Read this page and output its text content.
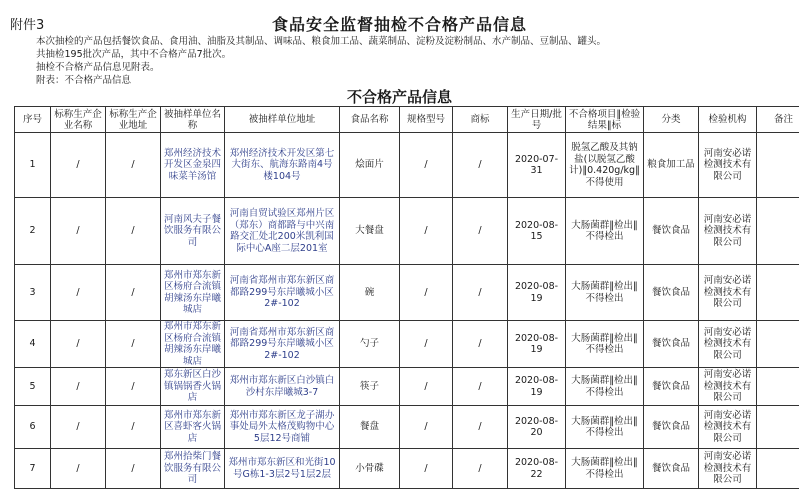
附件3	食品安全监督抽检不合格产品信息
本次抽检的产品包括餐饮食品、食用油、油脂及其制品、调味品、粮食加工品、蔬菜制品、淀粉及淀粉制品、水产制品、豆制品、罐头。
共抽检195批次产品，其中不合格产品7批次。
抽检不合格产品信息见附表。
附表：不合格产品信息
不合格产品信息
序号	标称生产企业名称	标称生产企业地址	被抽样单位名称	被抽样单位地址	食品名称	规格型号	商标	生产日期/批号	不合格项目‖检验结果‖标	分类	检验机构	备注
1	/	/	郑州经济技术开发区金泉四味菜羊汤馆	郑州经济技术开发区第七大街东、航海东路南4号楼104号	烩面片	/	/	2020-07-31	脱氢乙酸及其钠盐(以脱氢乙酸计)‖0.420g/kg‖不得使用	粮食加工品	河南安必诺检测技术有限公司	
2	/	/	河南风夫子餐饮服务有限公司	河南自贸试验区郑州片区（郑东）商都路与中兴南路交汇处北200米凯利国际中心A座二层201室	大餐盘	/	/	2020-08-15	大肠菌群‖检出‖不得检出	餐饮食品	河南安必诺检测技术有限公司	
3	/	/	郑州市郑东新区杨府合流镇胡辣汤东岸曦城店	河南省郑州市郑东新区商都路299号东岸曦城小区2#-102	碗	/	/	2020-08-19	大肠菌群‖检出‖不得检出	餐饮食品	河南安必诺检测技术有限公司	
4	/	/	郑州市郑东新区杨府合流镇胡辣汤东岸曦城店	河南省郑州市郑东新区商都路299号东岸曦城小区2#-102	勺子	/	/	2020-08-19	大肠菌群‖检出‖不得检出	餐饮食品	河南安必诺检测技术有限公司	
5	/	/	郑东新区白沙镇锅锅香火锅店	郑州市郑东新区白沙镇白沙村东岸曦城3-7	筷子	/	/	2020-08-19	大肠菌群‖检出‖不得检出	餐饮食品	河南安必诺检测技术有限公司	
6	/	/	郑州市郑东新区喜虾客火锅店	郑州市郑东新区龙子湖办事处局外太格茂购物中心5层12号商铺	餐盘	/	/	2020-08-20	大肠菌群‖检出‖不得检出	餐饮食品	河南安必诺检测技术有限公司	
7	/	/	郑州拾柴门餐饮服务有限公司	郑州市郑东新区和光街10号G栋1-3层2号1层2层	小骨碟	/	/	2020-08-22	大肠菌群‖检出‖不得检出	餐饮食品	河南安必诺检测技术有限公司	
